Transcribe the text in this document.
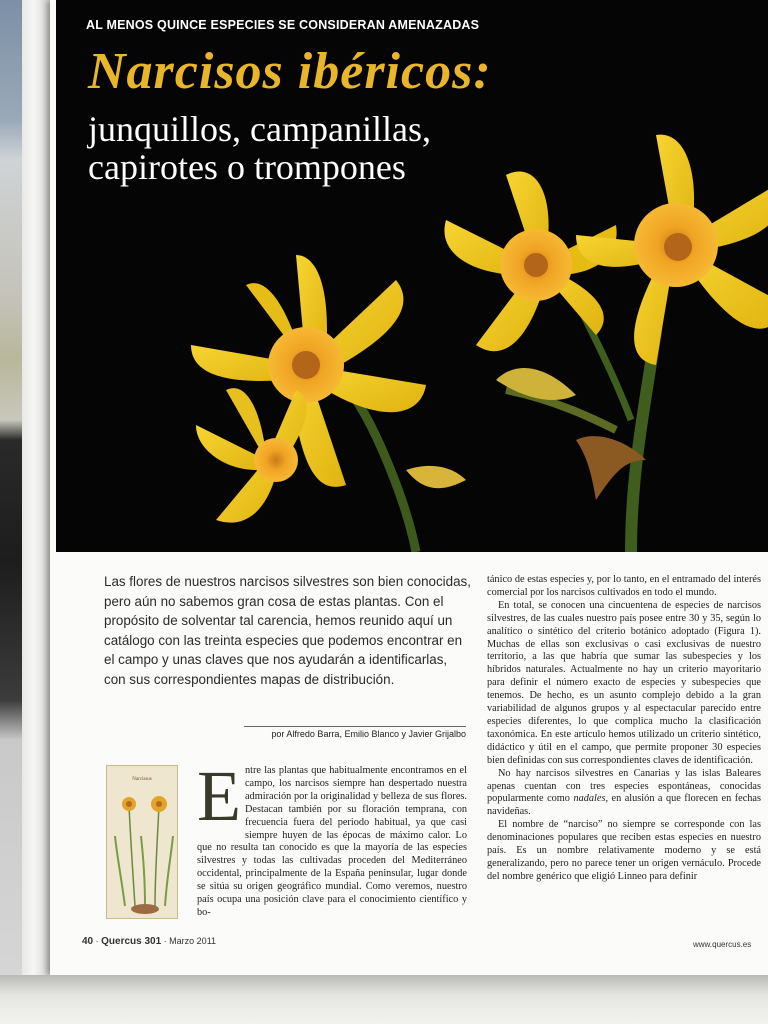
AL MENOS QUINCE ESPECIES SE CONSIDERAN AMENAZADAS
Narcisos ibéricos:
junquillos, campanillas,
capirotes o trompones
Las flores de nuestros narcisos silvestres son bien conocidas, pero aún no sabemos gran cosa de estas plantas. Con el propósito de solventar tal carencia, hemos reunido aquí un catálogo con las treinta especies que podemos encontrar en el campo y unas claves que nos ayudarán a identificarlas, con sus correspondientes mapas de distribución.
por Alfredo Barra, Emilio Blanco y Javier Grijalbo
Narcissus Entre las plantas que habitualmente encontramos en el campo, los narcisos siempre han despertado nuestra admiración por la originalidad y belleza de sus flores. Destacan también por su floración temprana, con frecuencia fuera del periodo habitual, ya que casi siempre huyen de las épocas de máximo calor. Lo que no resulta tan conocido es que la mayoría de las especies silvestres y todas las cultivadas proceden del Mediterráneo occidental, principalmente de la España peninsular, lugar donde se sitúa su origen geográfico mundial. Como veremos, nuestro país ocupa una posición clave para el conocimiento científico y bo-

tánico de estas especies y, por lo tanto, en el entramado del interés comercial por los narcisos cultivados en todo el mundo.

En total, se conocen una cincuentena de especies de narcisos silvestres, de las cuales nuestro país posee entre 30 y 35, según lo analítico o sintético del criterio botánico adoptado (Figura 1). Muchas de ellas son exclusivas o casi exclusivas de nuestro territorio, a las que habría que sumar las subespecies y los híbridos naturales. Actualmente no hay un criterio mayoritario para definir el número exacto de especies y subespecies que tenemos. De hecho, es un asunto complejo debido a la gran variabilidad de algunos grupos y al espectacular parecido entre especies diferentes, lo que complica mucho la clasificación taxonómica. En este artículo hemos utilizado un criterio sintético, didáctico y útil en el campo, que permite proponer 30 especies bien definidas con sus correspondientes claves de identificación.

No hay narcisos silvestres en Canarias y las islas Baleares apenas cuentan con tres especies espontáneas, conocidas popularmente como nadales, en alusión a que florecen en fechas navideñas.

El nombre de “narciso” no siempre se corresponde con las denominaciones populares que reciben estas especies en nuestro país. Es un nombre relativamente moderno y se está generalizando, pero no parece tener un origen vernáculo. Procede del nombre genérico que eligió Linneo para definir

40 · Quercus 301 · Marzo 2011	www.quercus.es
